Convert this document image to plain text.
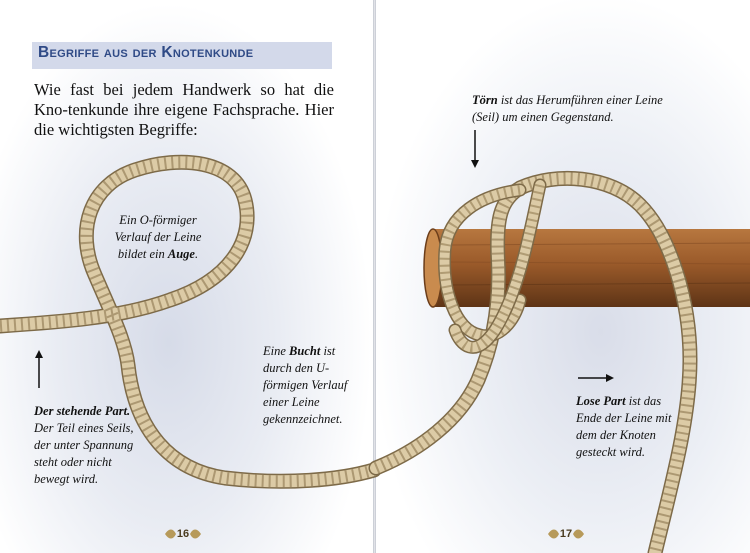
Begriffe aus der Knotenkunde
Wie fast bei jedem Handwerk so hat die Kno-tenkunde ihre eigene Fachsprache. Hier die wichtigsten Begriffe:
Ein O-förmiger Verlauf der Leine bildet ein Auge.
Eine Bucht ist durch den U-förmigen Verlauf einer Leine gekennzeichnet.
Der stehende Part. Der Teil eines Seils, der unter Spannung steht oder nicht bewegt wird.
16
Törn ist das Herumführen einer Leine (Seil) um einen Gegenstand.
Lose Part ist das Ende der Leine mit dem der Knoten gesteckt wird.
17
